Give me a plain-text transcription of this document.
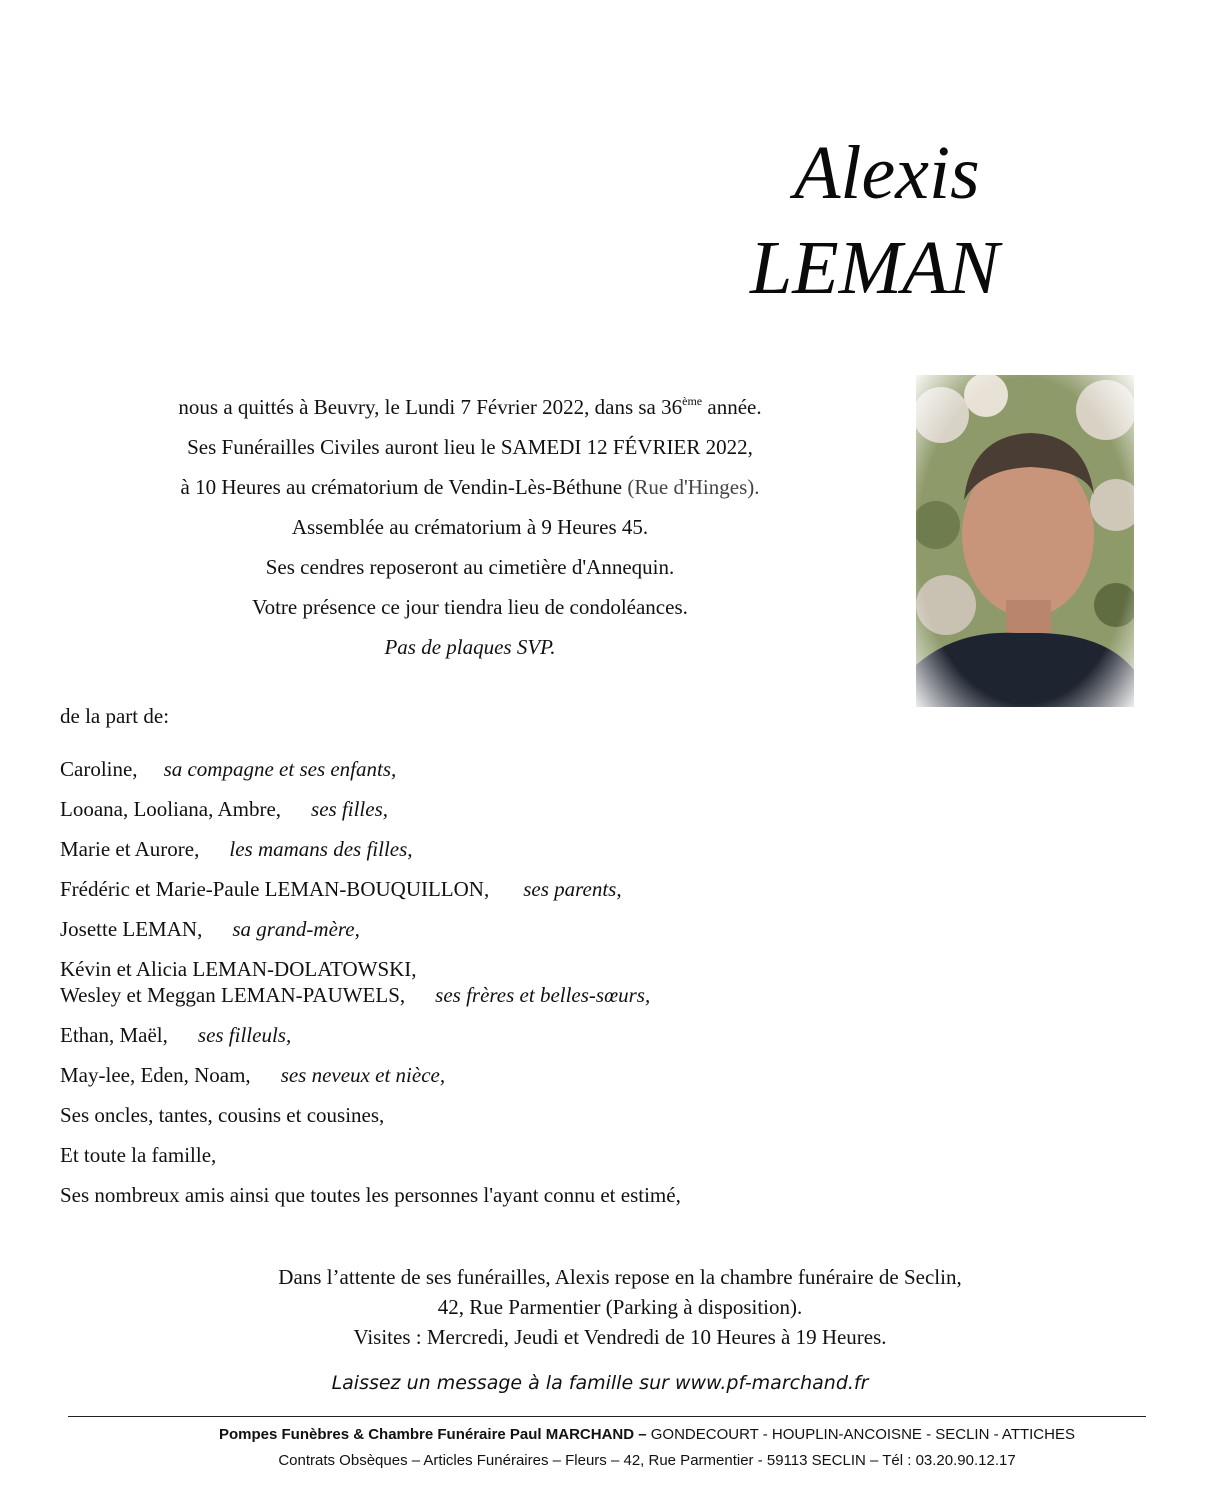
Alexis
LEMAN

nous a quittés à Beuvry, le Lundi 7 Février 2022, dans sa 36ème année.

Ses Funérailles Civiles auront lieu le SAMEDI 12 FÉVRIER 2022,

à 10 Heures au crématorium de Vendin-Lès-Béthune (Rue d'Hinges).

Assemblée au crématorium à 9 Heures 45.

Ses cendres reposeront au cimetière d'Annequin.

Votre présence ce jour tiendra lieu de condoléances.

Pas de plaques SVP.

de la part de:
Caroline, sa compagne et ses enfants,
Looana, Looliana, Ambre, ses filles,
Marie et Aurore, les mamans des filles,
Frédéric et Marie-Paule LEMAN-BOUQUILLON, ses parents,
Josette LEMAN, sa grand-mère,
Kévin et Alicia LEMAN-DOLATOWSKI,
Wesley et Meggan LEMAN-PAUWELS, ses frères et belles-sœurs,
Ethan, Maël, ses filleuls,
May-lee, Eden, Noam, ses neveux et nièce,
Ses oncles, tantes, cousins et cousines,
Et toute la famille,
Ses nombreux amis ainsi que toutes les personnes l'ayant connu et estimé,

Dans l’attente de ses funérailles, Alexis repose en la chambre funéraire de Seclin,

42, Rue Parmentier (Parking à disposition).

Visites : Mercredi, Jeudi et Vendredi de 10 Heures à 19 Heures.

Laissez un message à la famille sur www.pf-marchand.fr
Pompes Funèbres & Chambre Funéraire Paul MARCHAND – GONDECOURT - HOUPLIN-ANCOISNE - SECLIN - ATTICHES
Contrats Obsèques – Articles Funéraires – Fleurs – 42, Rue Parmentier - 59113 SECLIN – Tél : 03.20.90.12.17
